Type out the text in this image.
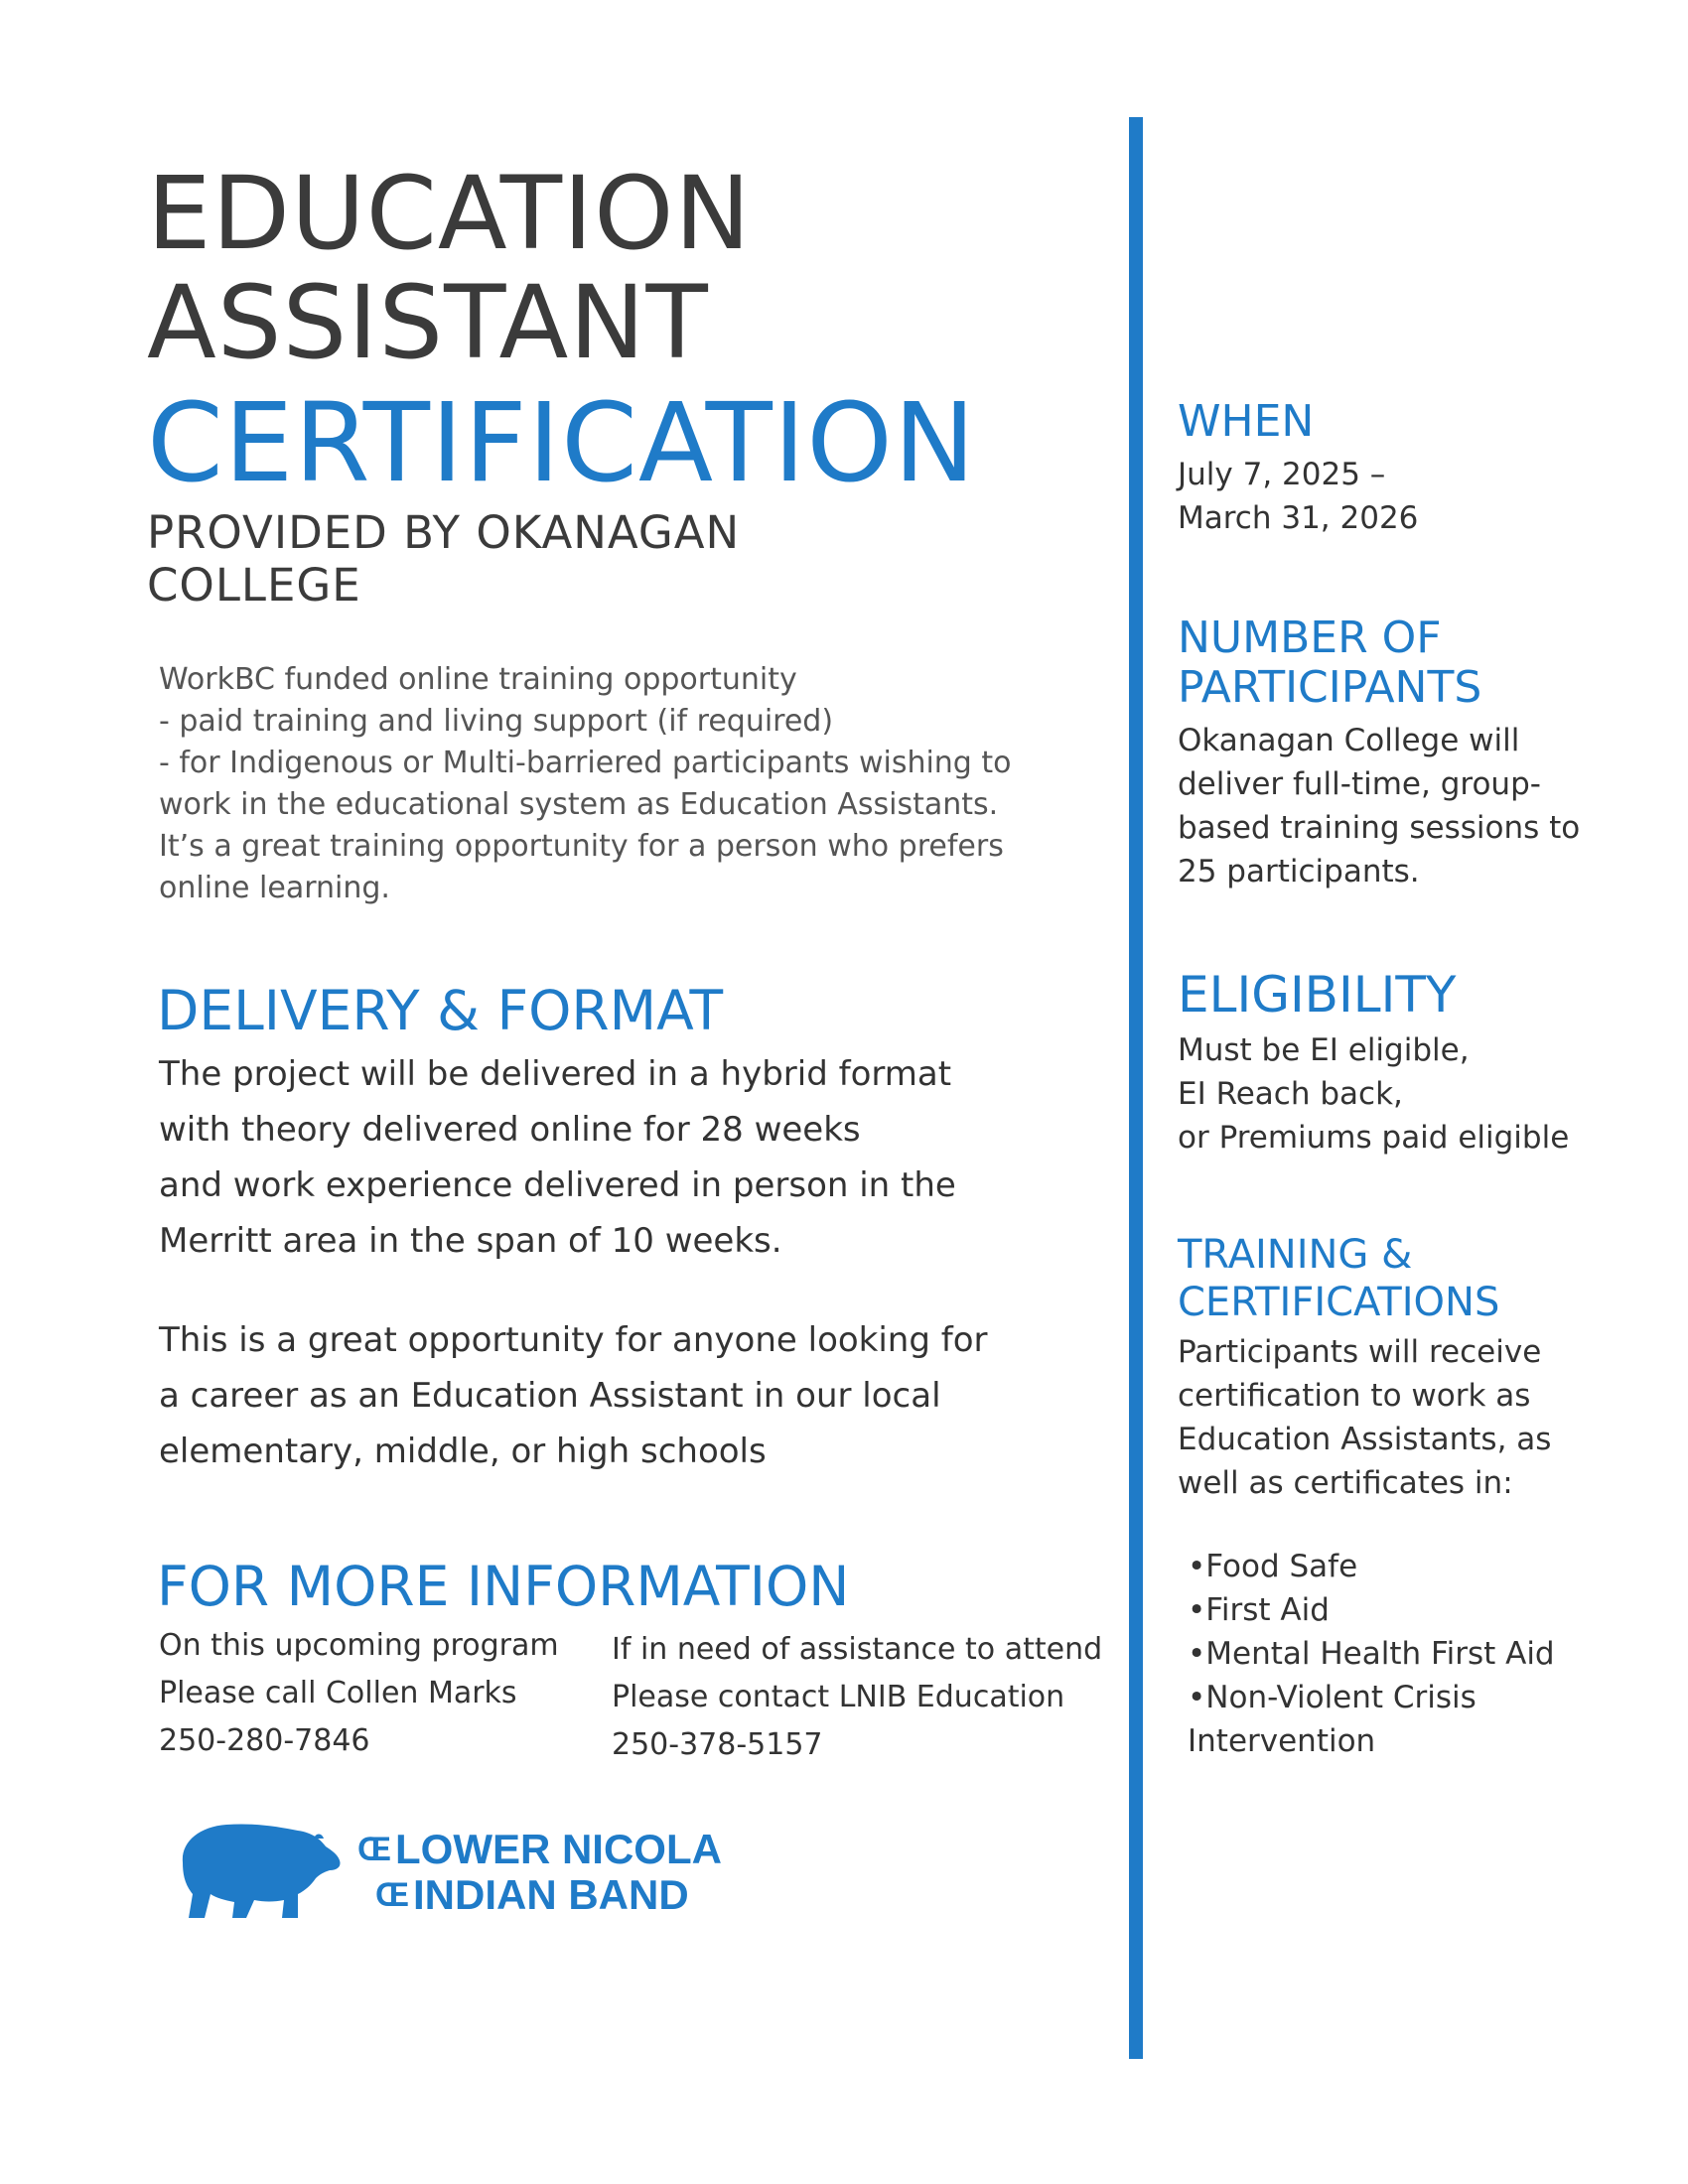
EDUCATION
ASSISTANT
CERTIFICATION
PROVIDED BY OKANAGAN
COLLEGE
WorkBC funded online training opportunity
- paid training and living support (if required)
- for Indigenous or Multi-barriered participants wishing to
work in the educational system as Education Assistants.
It’s a great training opportunity for a person who prefers
online learning.
DELIVERY & FORMAT
The project will be delivered in a hybrid format
with theory delivered online for 28 weeks
and work experience delivered in person in the
Merritt area in the span of 10 weeks.
This is a great opportunity for anyone looking for
a career as an Education Assistant in our local
elementary, middle, or high schools
FOR MORE INFORMATION
On this upcoming program
Please call Collen Marks
250-280-7846
If in need of assistance to attend
Please contact LNIB Education
250-378-5157
Œ LOWER NICOLA
Œ INDIAN BAND
WHEN
July 7, 2025 –
March 31, 2026
NUMBER OF
PARTICIPANTS
Okanagan College will
deliver full-time, group-
based training sessions to
25 participants.
ELIGIBILITY
Must be EI eligible,
EI Reach back,
or Premiums paid eligible
TRAINING &
CERTIFICATIONS
Participants will receive
certification to work as
Education Assistants, as
well as certificates in:
•Food Safe
•First Aid
•Mental Health First Aid
•Non-Violent Crisis
Intervention
